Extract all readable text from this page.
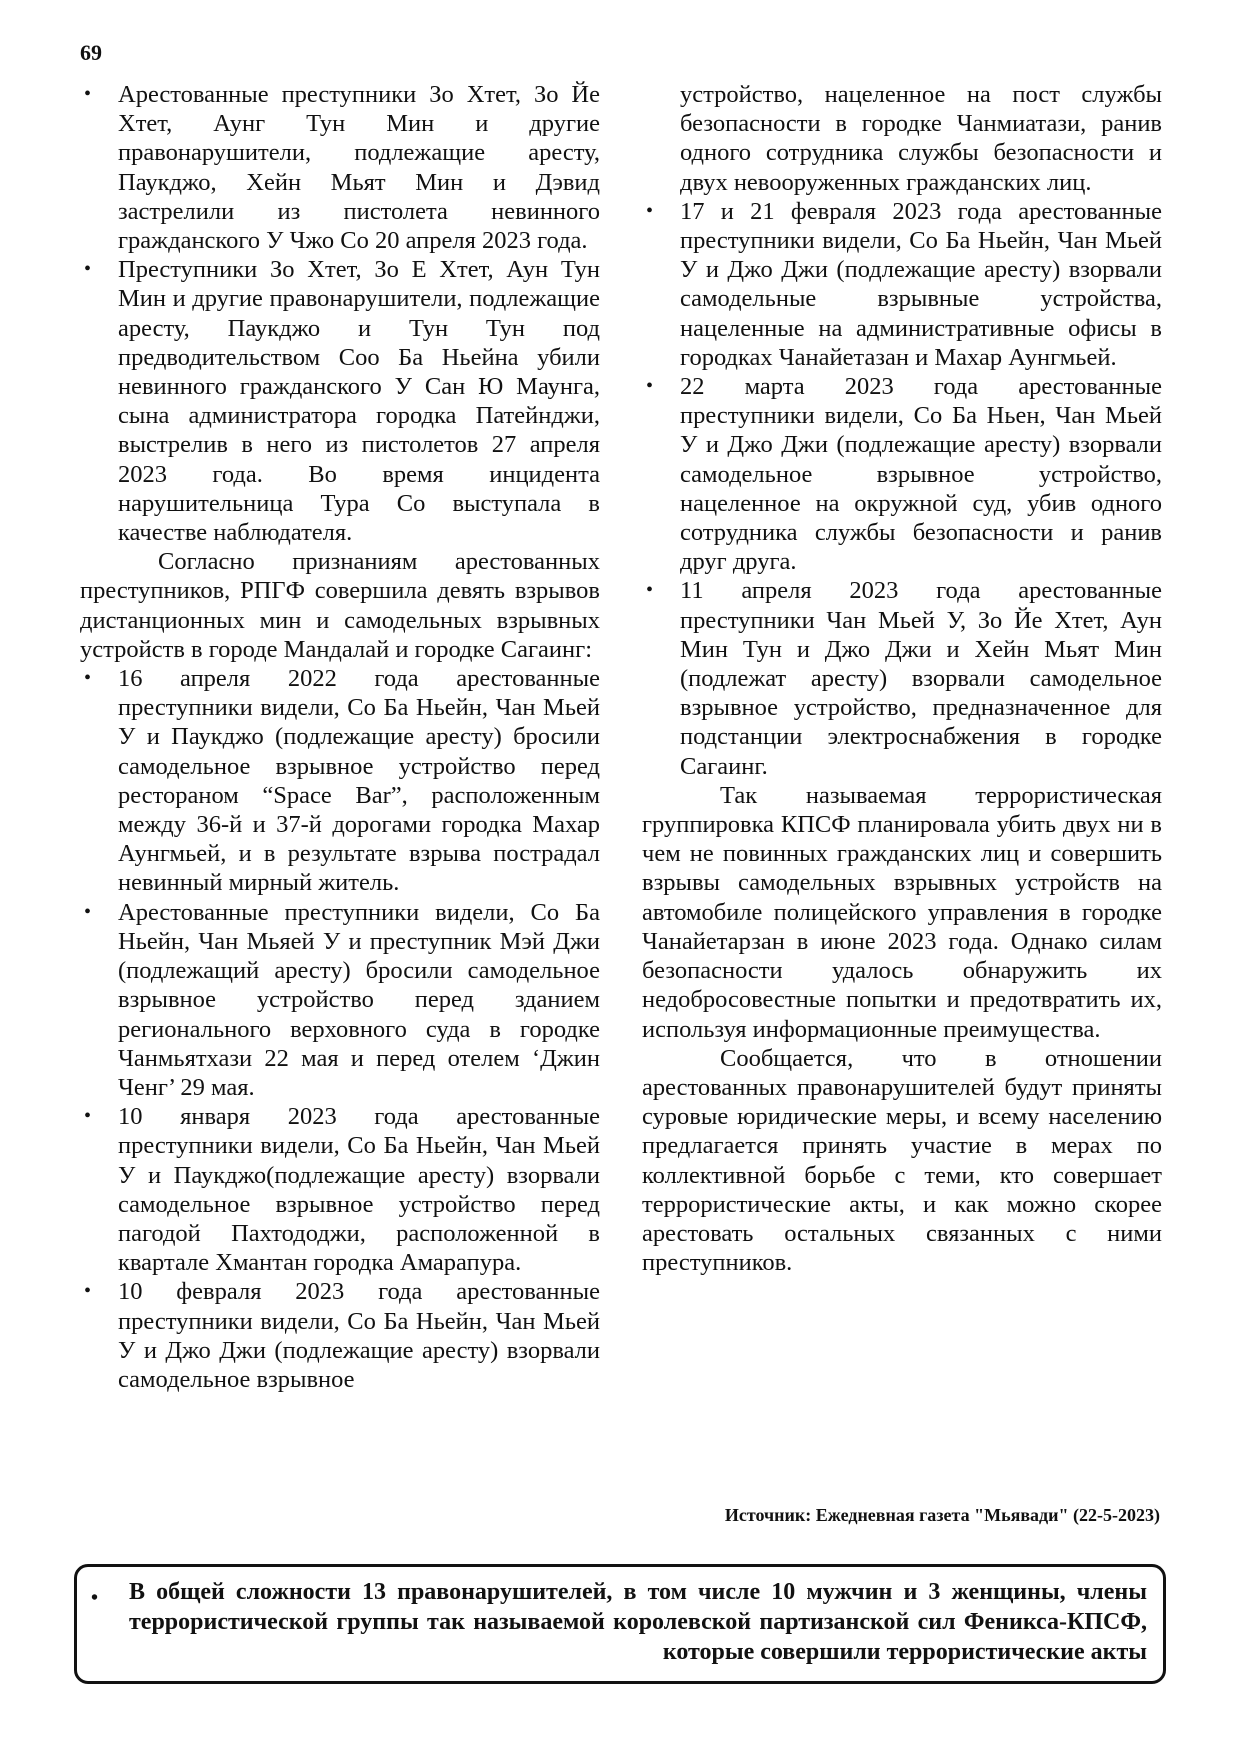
69
• Арестованные преступники Зо Хтет, Зо Йе Хтет, Аунг Тун Мин и другие правонарушители, подлежащие аресту, Паукджо, Хейн Мьят Мин и Дэвид застрелили из пистолета невинного гражданского У Чжо Со 20 апреля 2023 года.
• Преступники Зо Хтет, Зо Е Хтет, Аун Тун Мин и другие правонарушители, подлежащие аресту, Паукджо и Тун Тун под предводительством Соо Ба Ньейна убили невинного гражданского У Сан Ю Маунга, сына администратора городка Патейнджи, выстрелив в него из пистолетов 27 апреля 2023 года. Во время инцидента нарушительница Тура Со выступала в качестве наблюдателя.

Согласно признаниям арестованных преступников, РПГФ совершила девять взрывов дистанционных мин и самодельных взрывных устройств в городе Мандалай и городке Сагаинг:

• 16 апреля 2022 года арестованные преступники видели, Со Ба Ньейн, Чан Мьей У и Паукджо (подлежащие аресту) бросили самодельное взрывное устройство перед рестораном “Space Bar”, расположенным между 36-й и 37-й дорогами городка Махар Аунгмьей, и в результате взрыва пострадал невинный мирный житель.
• Арестованные преступники видели, Со Ба Ньейн, Чан Мьяей У и преступник Мэй Джи (подлежащий аресту) бросили самодельное взрывное устройство перед зданием регионального верховного суда в городке Чанмьятхази 22 мая и перед отелем ‘Джин Ченг’ 29 мая.
• 10 января 2023 года арестованные преступники видели, Со Ба Ньейн, Чан Мьей У и Паукджо(подлежащие аресту) взорвали самодельное взрывное устройство перед пагодой Пахтододжи, расположенной в квартале Хмантан городка Амарапура.
• 10 февраля 2023 года арестованные преступники видели, Со Ба Ньейн, Чан Мьей У и Джо Джи (подлежащие аресту) взорвали самодельное взрывное
устройство, нацеленное на пост службы безопасности в городке Чанмиатази, ранив одного сотрудника службы безопасности и двух невооруженных гражданских лиц.
• 17 и 21 февраля 2023 года арестованные преступники видели, Со Ба Ньейн, Чан Мьей У и Джо Джи (подлежащие аресту) взорвали самодельные взрывные устройства, нацеленные на административные офисы в городках Чанайетазан и Махар Аунгмьей.
• 22 марта 2023 года арестованные преступники видели, Со Ба Ньен, Чан Мьей У и Джо Джи (подлежащие аресту) взорвали самодельное взрывное устройство, нацеленное на окружной суд, убив одного сотрудника службы безопасности и ранив друг друга.
• 11 апреля 2023 года арестованные преступники Чан Мьей У, Зо Йе Хтет, Аун Мин Тун и Джо Джи и Хейн Мьят Мин (подлежат аресту) взорвали самодельное взрывное устройство, предназначенное для подстанции электроснабжения в городке Сагаинг.

Так называемая террористическая группировка КПСФ планировала убить двух ни в чем не повинных гражданских лиц и совершить взрывы самодельных взрывных устройств на автомобиле полицейского управления в городке Чанайетарзан в июне 2023 года. Однако силам безопасности удалось обнаружить их недобросовестные попытки и предотвратить их, используя информационные преимущества.

Сообщается, что в отношении арестованных правонарушителей будут приняты суровые юридические меры, и всему населению предлагается принять участие в мерах по коллективной борьбе с теми, кто совершает террористические акты, и как можно скорее арестовать остальных связанных с ними преступников.

Источник: Ежедневная газета "Мьявади" (22-5-2023)
• В общей сложности 13 правонарушителей, в том числе 10 мужчин и 3 женщины, члены террористической группы так называемой королевской партизанской сил Феникса-КПСФ, которые совершили террористические акты
